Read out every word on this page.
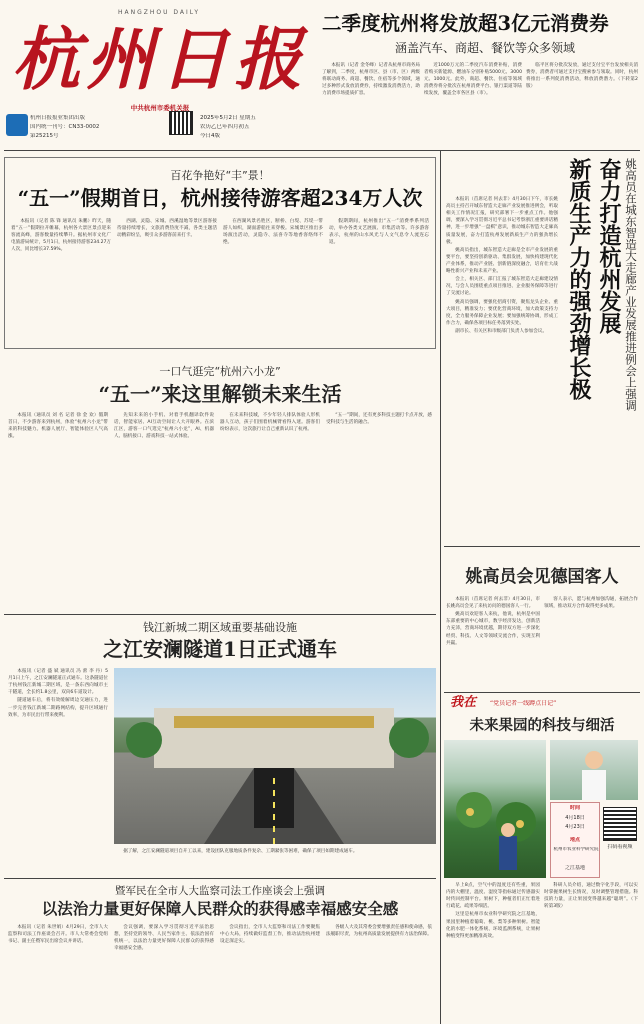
HANGZHOU DAILY
杭州日报
中共杭州市委机关报
杭州日报报业集团出版
国内统一刊号：CN33-0002
第25215号
2025年5月2日 星期五
农历乙巳年四月初五
今日4版
二季度杭州将发放超3亿元消费券
涵盖汽车、商超、餐饮等众多领域

本报讯（记者 金冬峰）记者从杭州市商务局了解到，二季度，杭州市区、县（市、区）两级将联动商务、商超、餐饮、住宿等多个领域，通过多种形式发放消费券，持续激发消费活力，助力消费市场提质扩容。

近1000万元的二季度汽车消费补贴，消费者购买新能源、燃油车分别补贴5000元、3000元、1000元。此外，商超、餐饮、住宿等领域消费券将分批次在杭州消费平台、银行渠道等陆续发放，覆盖全市各区县（市）。

临平区将分批次发放，通过支付宝平台发放相关消费券，消费者可通过支付宝搜索参与领取。同时，杭州将推出一系列促消费活动，释放消费潜力。（下转第2版）

百花争艳好“丰”景！
“五一”假期首日，杭州接待游客超234万人次

本报讯（记者 陈 锋 通讯员 朱鹏）昨天，随着“五一”假期拉开帷幕，杭州各大景区景点迎来客流高峰，游客数量持续攀升。据杭州市文化广电旅游局统计，5月1日，杭州接待游客234.27万人次，同比增长37.59%。

西湖、灵隐、宋城、西溪湿地等景区游客接待量持续增长，文旅消费热度不减，各类主题活动精彩纷呈，吸引众多游客前来打卡。

在西湖风景名胜区，断桥、白堤、苏堤一带游人如织，湖面游船往来穿梭。宋城景区推出多场演出活动，灵隐寺、法喜寺等地香客络绎不绝。

假期期间，杭州推出“五一”消费季系列活动，举办各类文艺展演、市集活动等。许多游客表示，杭州的山水风光与人文气息令人流连忘返。

一口气逛完“杭州六小龙”
“五一”来这里解锁未来生活

本报讯（通讯员 刘 名 记者 徐 金 欢）假期首日，不少游客来到杭州，体验“杭州六小龙”带来的科技魅力。机器人展厅、智能体验区人气高涨。

先知未来的小手机、对着手机翻译软件说话，智能家居、AI互动空间让人大开眼界。在滨江区，游客一口气逛完“杭州六小龙”，AI、机器人、脑机接口、游戏科技一站式体验。

在未来科技城，不少年轻人排队体验人形机器人互动，孩子们围着机械臂看得入迷。游客们纷纷表示，这次旅行让自己重新认识了杭州。

“五一”期间，还有更多科技主题打卡点开放，感受科技与生活的融合。

钱江新城二期区域重要基础设施
之江安澜隧道1日正式通车

本报讯（记者 盛 斌 通讯员 冯 蕾 李 丹）5月1日上午，之江安澜隧道正式通车。这条隧道位于杭州钱江新城二期区域，是一条东西向城市主干隧道，全长约1.8公里，双向6车道设计。

隧道通车后，将有效缓解周边交通压力，进一步完善钱江新城二期路网结构，提升区域通行效率，为市民出行带来便利。

据了解，之江安澜隧道项目自开工以来，建设团队克服地质条件复杂、工期紧张等困难，确保了项目如期建成通车。

暨军民在全市人大监察司法工作座谈会上强调
以法治力量更好保障人民群众的获得感幸福感安全感

本报讯（记者 朱世娟）4月29日，全市人大监察和司法工作座谈会召开。市人大常委会党组书记、副主任暨军民出席会议并讲话。

会议强调，要深入学习贯彻习近平法治思想，坚持党的领导、人民当家作主、依法治国有机统一，以法治力量更好保障人民群众的获得感幸福感安全感。

会议指出，全市人大监察和司法工作要聚焦中心大局，持续做好监督工作，推动法治杭州建设走深走实。

各级人大及其常委会要增强责任感和使命感，依法履职尽责，为杭州高质量发展提供有力法治保障。

本报讯（首席记者 何去非）4月30日下午，市长姚高员主持召开城东智造大走廊产业发展推进例会，听取相关工作情况汇报，研究部署下一步重点工作。他强调，要深入学习贯彻习近平总书记考察浙江重要讲话精神，进一步增强“一盘棋”意识，推动城东智造大走廊高质量发展，奋力打造杭州发展新质生产力的强劲增长极。

姚高员指出，城东智造大走廊是全市产业发展的重要平台，要坚持创新驱动、集群发展，加快构建现代化产业体系，推动产业链、创新链深度融合，培育壮大战略性新兴产业和未来产业。

会上，相关区、部门汇报了城东智造大走廊建设情况，与会人员围绕重点项目推进、企业服务保障等进行了交流讨论。

姚高员强调，要强化招商引资，聚焦龙头企业、重大项目，精准发力；要优化营商环境，加大政策支持力度，全力服务保障企业发展；要加强统筹协调，形成工作合力，确保各项目标任务落到实处。

副市长、有关区和市级部门负责人参加会议。 新质生产力的强劲增长极 奋力打造杭州发展 姚高员在城东智造大走廊产业发展推进例会上强调
姚高员会见德国客人

本报讯（首席记者 何去非）4月30日，市长姚高员会见了来杭访问的德国客人一行。

姚高员欢迎客人来杭，他说，杭州是中国东部重要的中心城市，数字经济发达，创新活力充沛，营商环境优越，期待双方进一步深化经贸、科技、人文等领域交流合作，实现互利共赢。

客人表示，愿与杭州加强沟通，拓展合作领域，推动双方合作取得更多成果。

我在	“党员记者一线蹲点日记”
未来果园的科技与细活
时间
4月18日
4月23日
地点
杭州市农业科学研究院
之江基地
扫码看视频

早上8点，空气中的湿度还有些重，果园内的大棚里，温度、湿度等指标通过传感器实时传回控制平台。果树下，种植者们正忙着进行疏花、疏果等细活。

这里是杭州市农业科学研究院之江基地，果园里种植着葡萄、桃、梨等多种果树。智能化的水肥一体化系统、环境监测系统，让果树种植变得更加精准高效。

科研人员介绍，通过数字化手段，可以实时掌握果树生长情况，及时调整管理措施。科技的力量，正让果园变得越来越“聪明”。（下转第3版）
